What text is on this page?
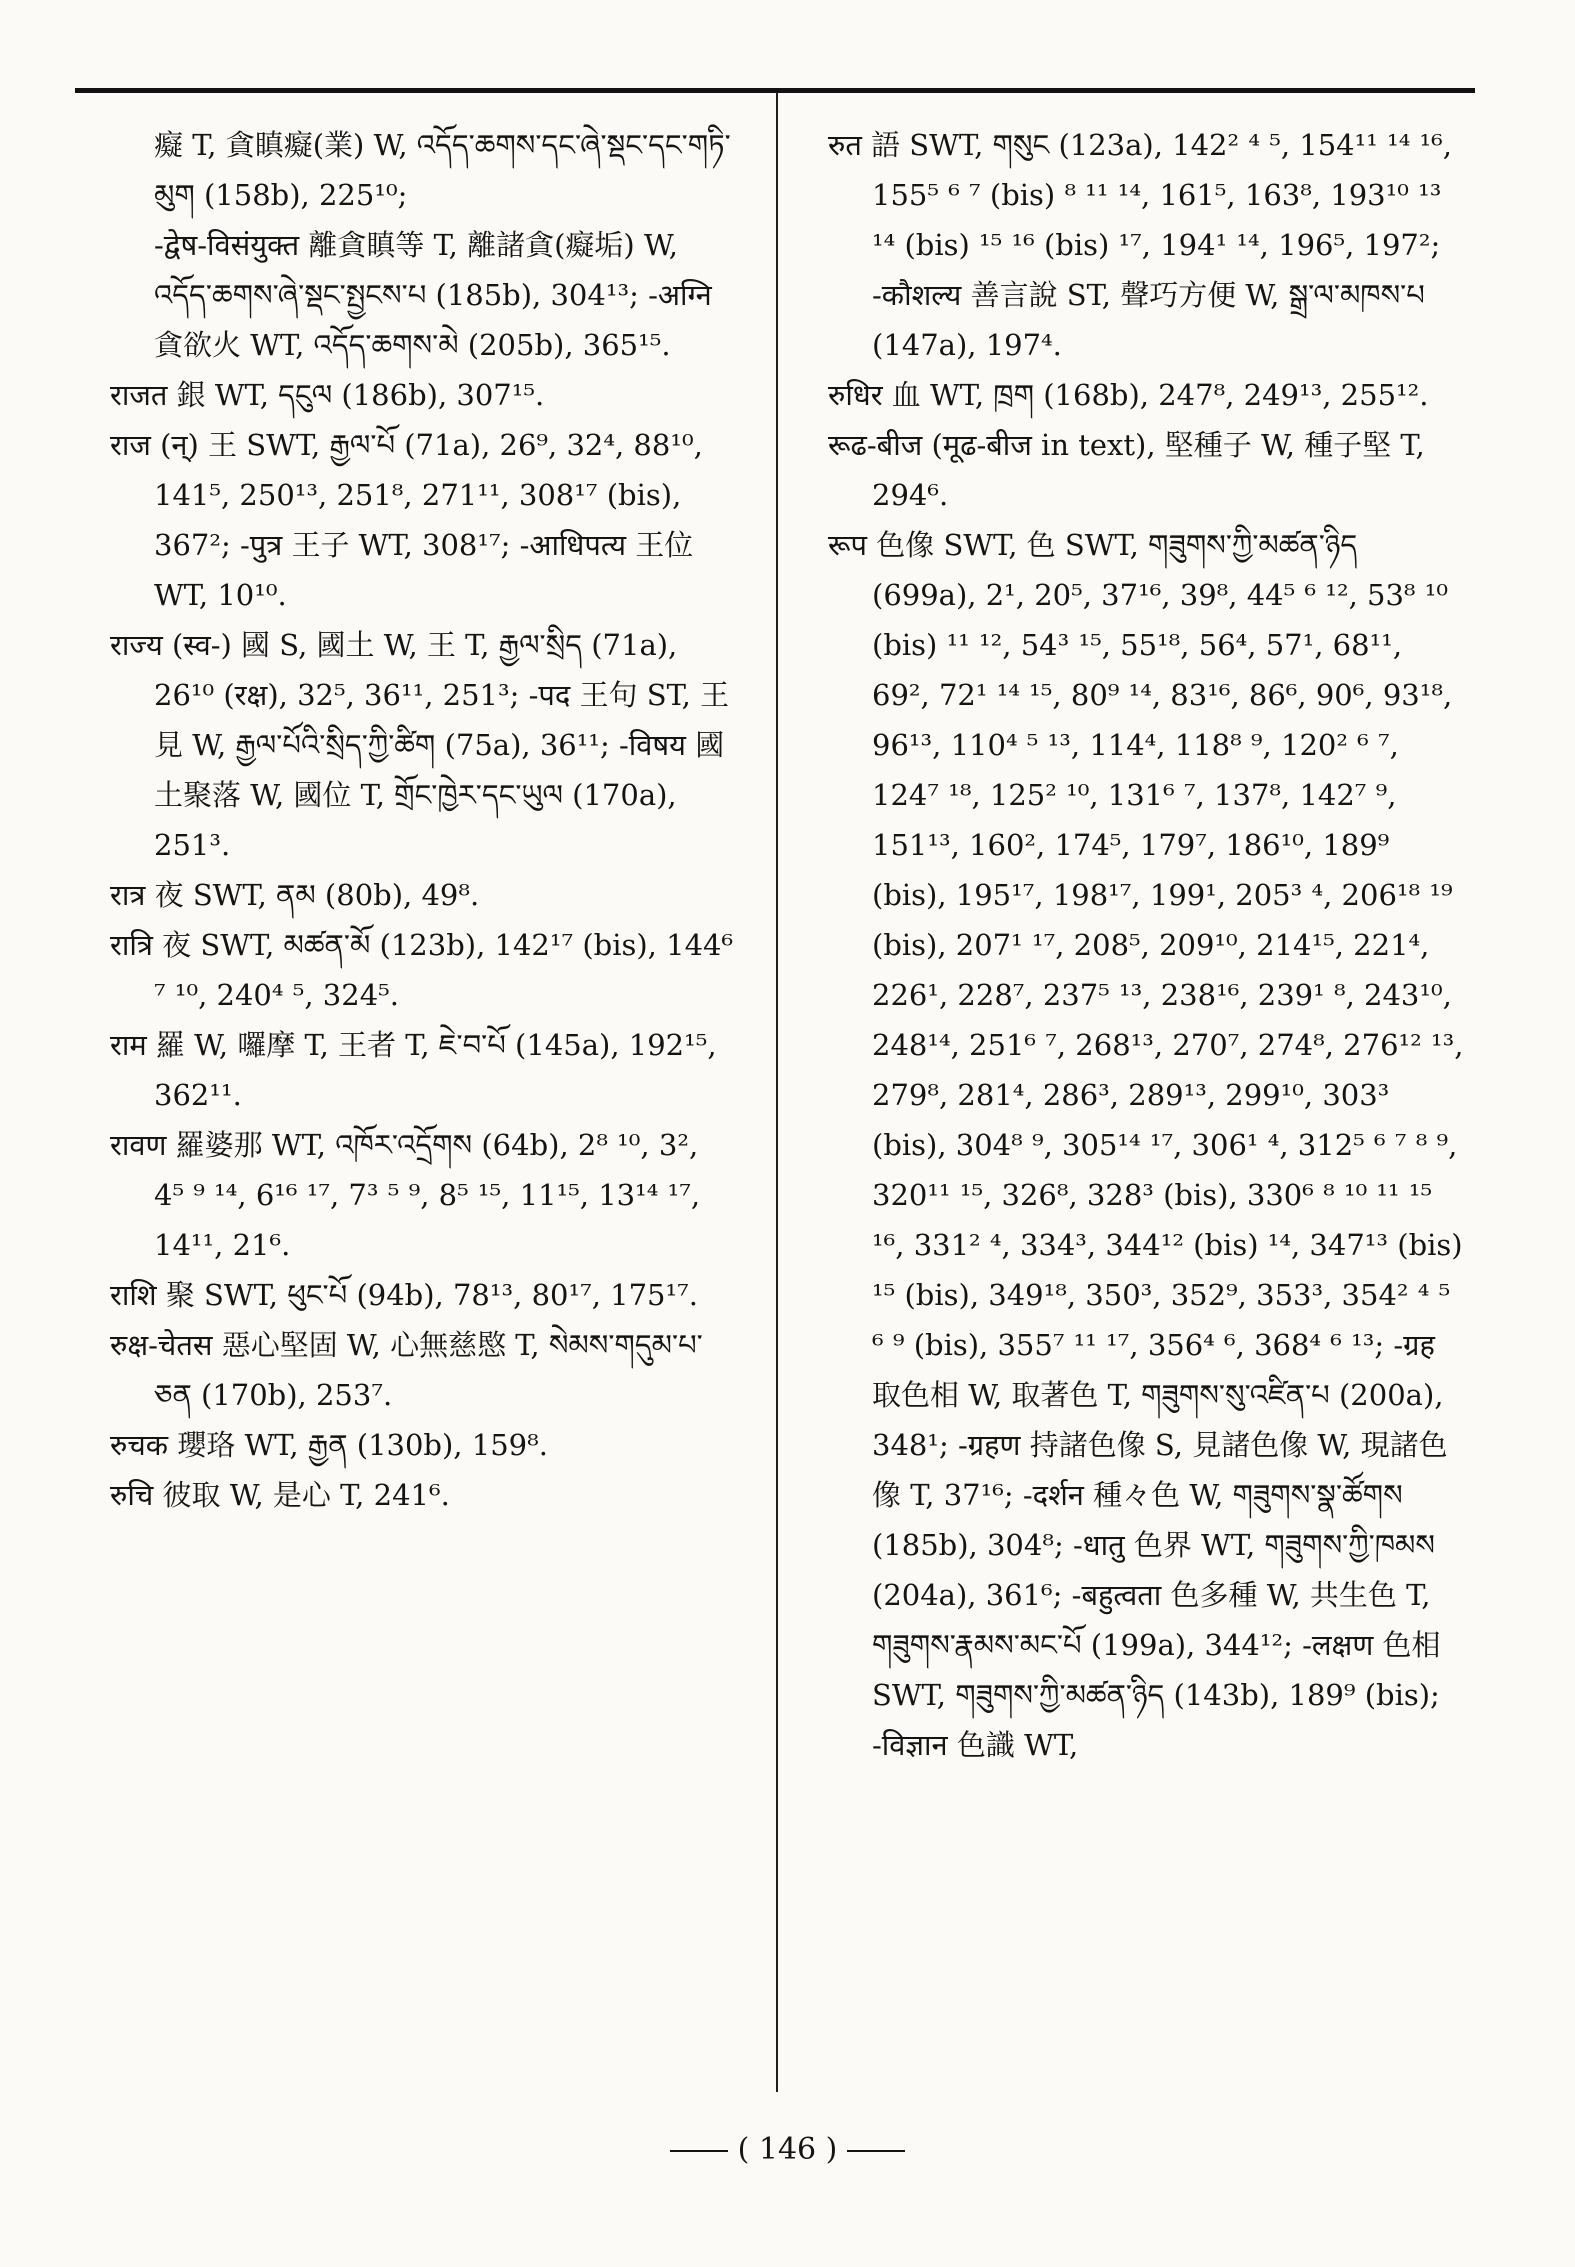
癡 T, 貪瞋癡(業) W, འདོད་ཆགས་དང་ཞེ་སྡང་དང་གཏི་མུག (158b), 225¹⁰;

-द्वेष-विसंयुक्त 離貪瞋等 T, 離諸貪(癡垢) W, འདོད་ཆགས་ཞེ་སྡང་སྤྱངས་པ (185b), 304¹³; -अग्नि 貪欲火 WT, འདོད་ཆགས་མེ (205b), 365¹⁵.

राजत 銀 WT, དངུལ (186b), 307¹⁵.

राज (न्) 王 SWT, རྒྱལ་པོ (71a), 26⁹, 32⁴, 88¹⁰, 141⁵, 250¹³, 251⁸, 271¹¹, 308¹⁷ (bis), 367²; -पुत्र 王子 WT, 308¹⁷; -आधिपत्य 王位 WT, 10¹⁰.

राज्य (स्व-) 國 S, 國土 W, 王 T, རྒྱལ་སྲིད (71a), 26¹⁰ (रक्ष), 32⁵, 36¹¹, 251³; -पद 王句 ST, 王見 W, རྒྱལ་པོའི་སྲིད་ཀྱི་ཚིག (75a), 36¹¹; -विषय 國土聚落 W, 國位 T, གྲོང་ཁྱེར་དང་ཡུལ (170a), 251³.

रात्र 夜 SWT, ནམ (80b), 49⁸.

रात्रि 夜 SWT, མཚན་མོ (123b), 142¹⁷ (bis), 144⁶ ⁷ ¹⁰, 240⁴ ⁵, 324⁵.

राम 羅 W, 囉摩 T, 王者 T, ཇེ་བ་པོ (145a), 192¹⁵, 362¹¹.

रावण 羅婆那 WT, འཁོར་འདྲོགས (64b), 2⁸ ¹⁰, 3², 4⁵ ⁹ ¹⁴, 6¹⁶ ¹⁷, 7³ ⁵ ⁹, 8⁵ ¹⁵, 11¹⁵, 13¹⁴ ¹⁷, 14¹¹, 21⁶.

राशि 聚 SWT, ཕུང་པོ (94b), 78¹³, 80¹⁷, 175¹⁷.

रुक्ष-चेतस 惡心堅固 W, 心無慈愍 T, སེམས་གདུམ་པ་ཅན (170b), 253⁷.

रुचक 瓔珞 WT, རྒྱན (130b), 159⁸.

रुचि 彼取 W, 是心 T, 241⁶.

रुत 語 SWT, གསུང (123a), 142² ⁴ ⁵, 154¹¹ ¹⁴ ¹⁶, 155⁵ ⁶ ⁷ (bis) ⁸ ¹¹ ¹⁴, 161⁵, 163⁸, 193¹⁰ ¹³ ¹⁴ (bis) ¹⁵ ¹⁶ (bis) ¹⁷, 194¹ ¹⁴, 196⁵, 197²; -कौशल्य 善言說 ST, 聲巧方便 W, སྒྲ་ལ་མཁས་པ (147a), 197⁴.

रुधिर 血 WT, ཁྲག (168b), 247⁸, 249¹³, 255¹².

रूढ-बीज (मूढ-बीज in text), 堅種子 W, 種子堅 T, 294⁶.

रूप 色像 SWT, 色 SWT, གཟུགས་ཀྱི་མཚན་ཉིད (699a), 2¹, 20⁵, 37¹⁶, 39⁸, 44⁵ ⁶ ¹², 53⁸ ¹⁰ (bis) ¹¹ ¹², 54³ ¹⁵, 55¹⁸, 56⁴, 57¹, 68¹¹, 69², 72¹ ¹⁴ ¹⁵, 80⁹ ¹⁴, 83¹⁶, 86⁶, 90⁶, 93¹⁸, 96¹³, 110⁴ ⁵ ¹³, 114⁴, 118⁸ ⁹, 120² ⁶ ⁷, 124⁷ ¹⁸, 125² ¹⁰, 131⁶ ⁷, 137⁸, 142⁷ ⁹, 151¹³, 160², 174⁵, 179⁷, 186¹⁰, 189⁹ (bis), 195¹⁷, 198¹⁷, 199¹, 205³ ⁴, 206¹⁸ ¹⁹ (bis), 207¹ ¹⁷, 208⁵, 209¹⁰, 214¹⁵, 221⁴, 226¹, 228⁷, 237⁵ ¹³, 238¹⁶, 239¹ ⁸, 243¹⁰, 248¹⁴, 251⁶ ⁷, 268¹³, 270⁷, 274⁸, 276¹² ¹³, 279⁸, 281⁴, 286³, 289¹³, 299¹⁰, 303³ (bis), 304⁸ ⁹, 305¹⁴ ¹⁷, 306¹ ⁴, 312⁵ ⁶ ⁷ ⁸ ⁹, 320¹¹ ¹⁵, 326⁸, 328³ (bis), 330⁶ ⁸ ¹⁰ ¹¹ ¹⁵ ¹⁶, 331² ⁴, 334³, 344¹² (bis) ¹⁴, 347¹³ (bis) ¹⁵ (bis), 349¹⁸, 350³, 352⁹, 353³, 354² ⁴ ⁵ ⁶ ⁹ (bis), 355⁷ ¹¹ ¹⁷, 356⁴ ⁶, 368⁴ ⁶ ¹³; -ग्रह 取色相 W, 取著色 T, གཟུགས་སུ་འཛིན་པ (200a), 348¹; -ग्रहण 持諸色像 S, 見諸色像 W, 現諸色像 T, 37¹⁶; -दर्शन 種々色 W, གཟུགས་སྣ་ཚོགས (185b), 304⁸; -धातु 色界 WT, གཟུགས་ཀྱི་ཁམས (204a), 361⁶; -बहुत्वता 色多種 W, 共生色 T, གཟུགས་རྣམས་མང་པོ (199a), 344¹²; -लक्षण 色相 SWT, གཟུགས་ཀྱི་མཚན་ཉིད (143b), 189⁹ (bis); -विज्ञान 色識 WT,

( 146 )
